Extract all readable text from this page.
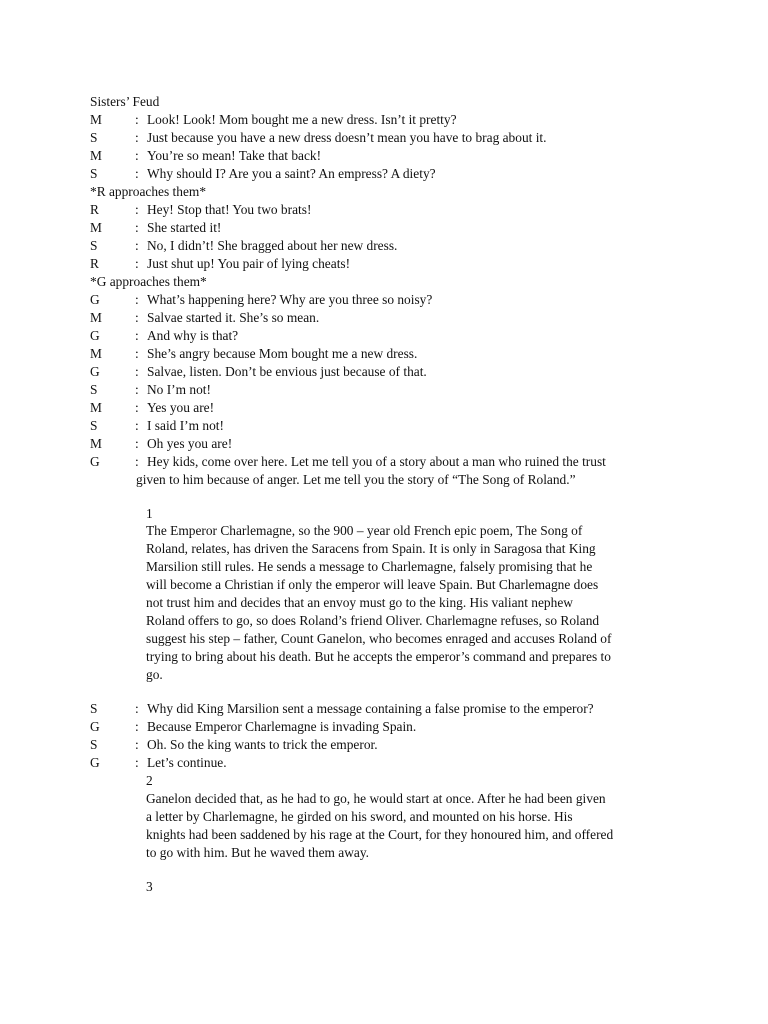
Sisters’ Feud
M : Look! Look! Mom bought me a new dress. Isn’t it pretty?
S	: Just because you have a new dress doesn’t mean you have to brag about it.
M : You’re so mean! Take that back!
S	: Why should I? Are you a saint? An empress? A diety?
*R approaches them*
R	: Hey! Stop that! You two brats!
M : She started it!
S	: No, I didn’t! She bragged about her new dress.
R	: Just shut up! You pair of lying cheats!
*G approaches them*
G	: What’s happening here? Why are you three so noisy?
M : Salvae started it. She’s so mean.
G	: And why is that?
M : She’s angry because Mom bought me a new dress.
G	: Salvae, listen. Don’t be envious just because of that.
S	: No I’m not!
M : Yes you are!
S	: I said I’m not!
M : Oh yes you are!
G	: Hey kids, come over here. Let me tell you of a story about a man who ruined the trust
given to him because of anger. Let me tell you the story of “The Song of Roland.”
1
The Emperor Charlemagne, so the 900 – year old French epic poem, The Song of
Roland, relates, has driven the Saracens from Spain. It is only in Saragosa that King
Marsilion still rules. He sends a message to Charlemagne, falsely promising that he
will become a Christian if only the emperor will leave Spain. But Charlemagne does
not trust him and decides that an envoy must go to the king. His valiant nephew
Roland offers to go, so does Roland’s friend Oliver. Charlemagne refuses, so Roland
suggest his step – father, Count Ganelon, who becomes enraged and accuses Roland of
trying to bring about his death. But he accepts the emperor’s command and prepares to
go.
S	: Why did King Marsilion sent a message containing a false promise to the emperor?
G	: Because Emperor Charlemagne is invading Spain.
S	: Oh. So the king wants to trick the emperor.
G	: Let’s continue.
2
Ganelon decided that, as he had to go, he would start at once. After he had been given
a letter by Charlemagne, he girded on his sword, and mounted on his horse. His
knights had been saddened by his rage at the Court, for they honoured him, and offered
to go with him. But he waved them away.
3
